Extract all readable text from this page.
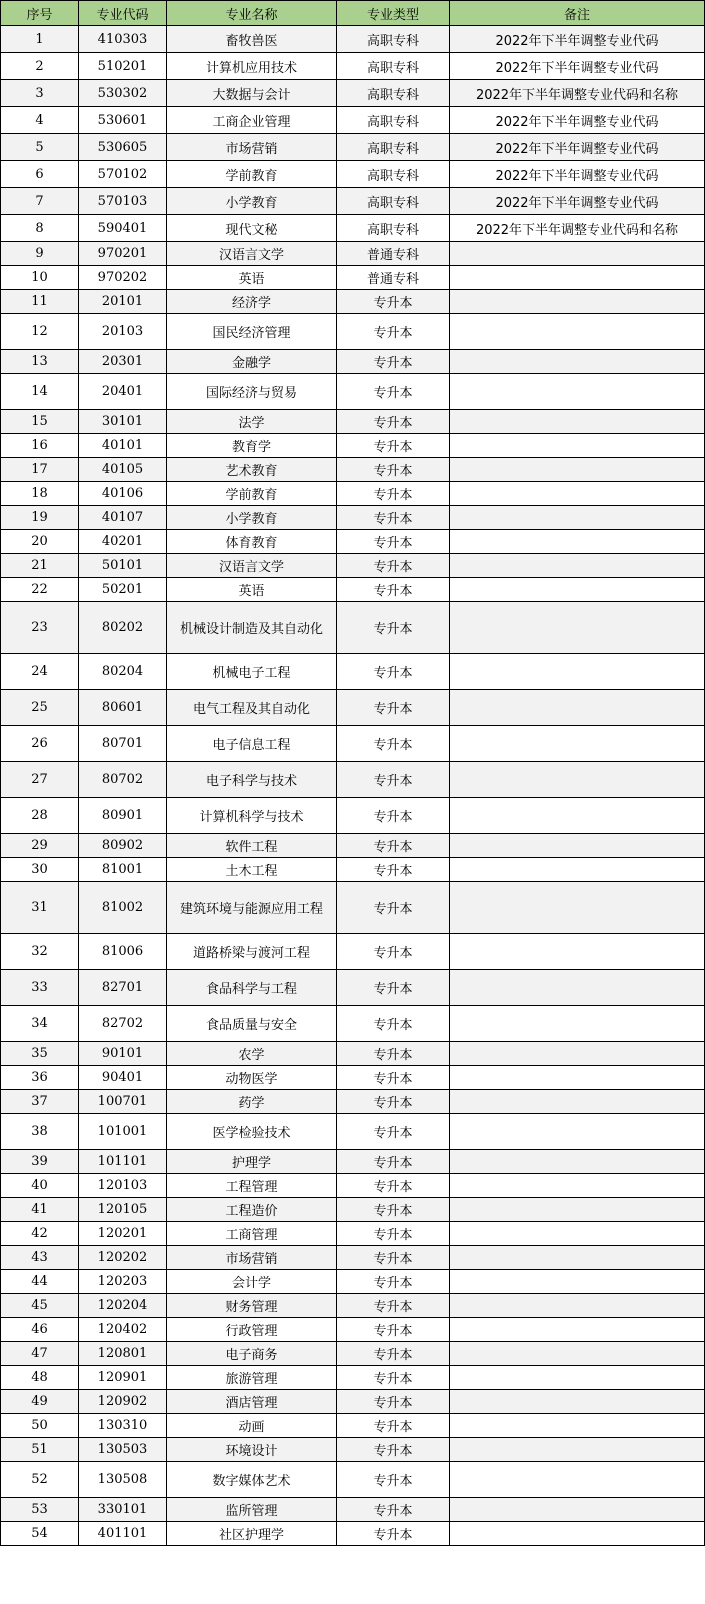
序号	专业代码	专业名称	专业类型	备注
1	410303	畜牧兽医	高职专科	2022年下半年调整专业代码
2	510201	计算机应用技术	高职专科	2022年下半年调整专业代码
3	530302	大数据与会计	高职专科	2022年下半年调整专业代码和名称
4	530601	工商企业管理	高职专科	2022年下半年调整专业代码
5	530605	市场营销	高职专科	2022年下半年调整专业代码
6	570102	学前教育	高职专科	2022年下半年调整专业代码
7	570103	小学教育	高职专科	2022年下半年调整专业代码
8	590401	现代文秘	高职专科	2022年下半年调整专业代码和名称
9	970201	汉语言文学	普通专科	
10	970202	英语	普通专科	
11	20101	经济学	专升本	
12	20103	国民经济管理	专升本	
13	20301	金融学	专升本	
14	20401	国际经济与贸易	专升本	
15	30101	法学	专升本	
16	40101	教育学	专升本	
17	40105	艺术教育	专升本	
18	40106	学前教育	专升本	
19	40107	小学教育	专升本	
20	40201	体育教育	专升本	
21	50101	汉语言文学	专升本	
22	50201	英语	专升本	
23	80202	机械设计制造及其自动化	专升本	
24	80204	机械电子工程	专升本	
25	80601	电气工程及其自动化	专升本	
26	80701	电子信息工程	专升本	
27	80702	电子科学与技术	专升本	
28	80901	计算机科学与技术	专升本	
29	80902	软件工程	专升本	
30	81001	土木工程	专升本	
31	81002	建筑环境与能源应用工程	专升本	
32	81006	道路桥梁与渡河工程	专升本	
33	82701	食品科学与工程	专升本	
34	82702	食品质量与安全	专升本	
35	90101	农学	专升本	
36	90401	动物医学	专升本	
37	100701	药学	专升本	
38	101001	医学检验技术	专升本	
39	101101	护理学	专升本	
40	120103	工程管理	专升本	
41	120105	工程造价	专升本	
42	120201	工商管理	专升本	
43	120202	市场营销	专升本	
44	120203	会计学	专升本	
45	120204	财务管理	专升本	
46	120402	行政管理	专升本	
47	120801	电子商务	专升本	
48	120901	旅游管理	专升本	
49	120902	酒店管理	专升本	
50	130310	动画	专升本	
51	130503	环境设计	专升本	
52	130508	数字媒体艺术	专升本	
53	330101	监所管理	专升本	
54	401101	社区护理学	专升本	
